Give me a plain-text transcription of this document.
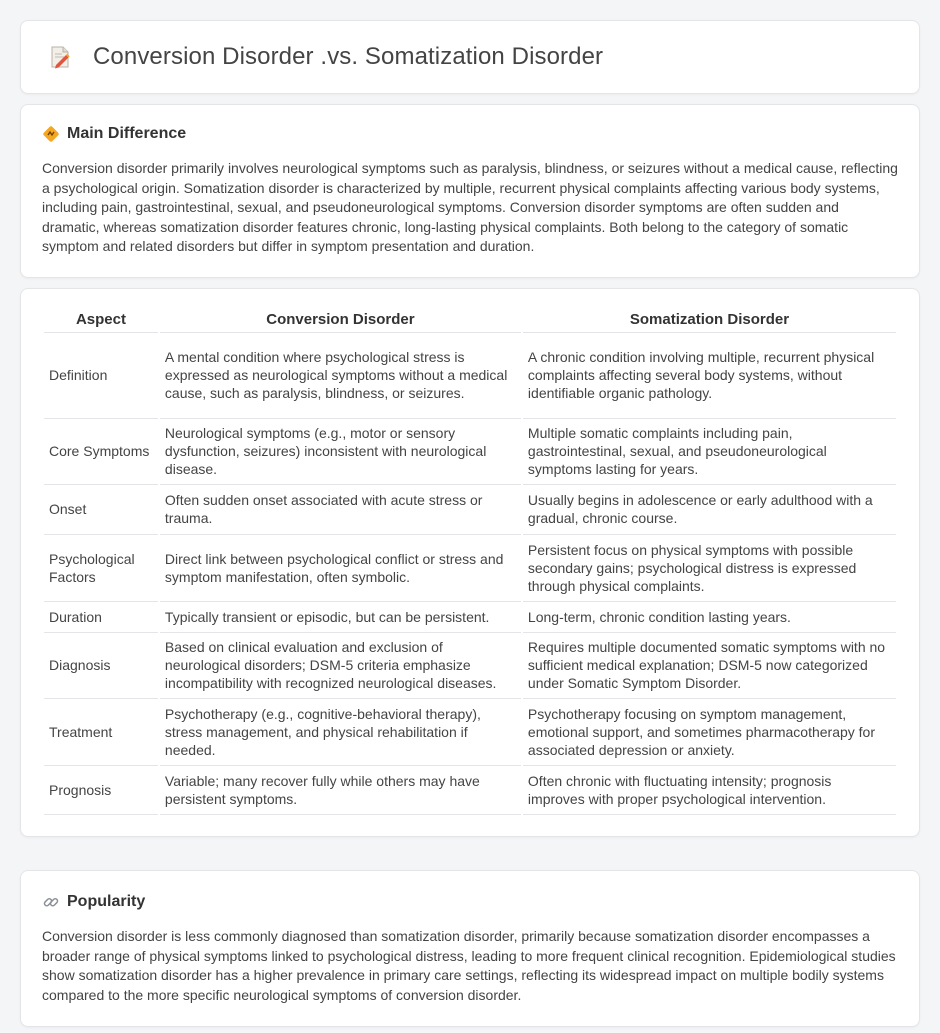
Conversion Disorder .vs. Somatization Disorder
Main Difference

Conversion disorder primarily involves neurological symptoms such as paralysis, blindness, or seizures without a medical cause, reflecting a psychological origin. Somatization disorder is characterized by multiple, recurrent physical complaints affecting various body systems, including pain, gastrointestinal, sexual, and pseudoneurological symptoms. Conversion disorder symptoms are often sudden and dramatic, whereas somatization disorder features chronic, long-lasting physical complaints. Both belong to the category of somatic symptom and related disorders but differ in symptom presentation and duration.

Aspect	Conversion Disorder	Somatization Disorder
Definition	A mental condition where psychological stress is expressed as neurological symptoms without a medical cause, such as paralysis, blindness, or seizures.	A chronic condition involving multiple, recurrent physical complaints affecting several body systems, without identifiable organic pathology.
Core Symptoms	Neurological symptoms (e.g., motor or sensory dysfunction, seizures) inconsistent with neurological disease.	Multiple somatic complaints including pain, gastrointestinal, sexual, and pseudoneurological symptoms lasting for years.
Onset	Often sudden onset associated with acute stress or trauma.	Usually begins in adolescence or early adulthood with a gradual, chronic course.
Psychological Factors	Direct link between psychological conflict or stress and symptom manifestation, often symbolic.	Persistent focus on physical symptoms with possible secondary gains; psychological distress is expressed through physical complaints.
Duration	Typically transient or episodic, but can be persistent.	Long-term, chronic condition lasting years.
Diagnosis	Based on clinical evaluation and exclusion of neurological disorders; DSM-5 criteria emphasize incompatibility with recognized neurological diseases.	Requires multiple documented somatic symptoms with no sufficient medical explanation; DSM-5 now categorized under Somatic Symptom Disorder.
Treatment	Psychotherapy (e.g., cognitive-behavioral therapy), stress management, and physical rehabilitation if needed.	Psychotherapy focusing on symptom management, emotional support, and sometimes pharmacotherapy for associated depression or anxiety.
Prognosis	Variable; many recover fully while others may have persistent symptoms.	Often chronic with fluctuating intensity; prognosis improves with proper psychological intervention.
Popularity

Conversion disorder is less commonly diagnosed than somatization disorder, primarily because somatization disorder encompasses a broader range of physical symptoms linked to psychological distress, leading to more frequent clinical recognition. Epidemiological studies show somatization disorder has a higher prevalence in primary care settings, reflecting its widespread impact on multiple bodily systems compared to the more specific neurological symptoms of conversion disorder.
